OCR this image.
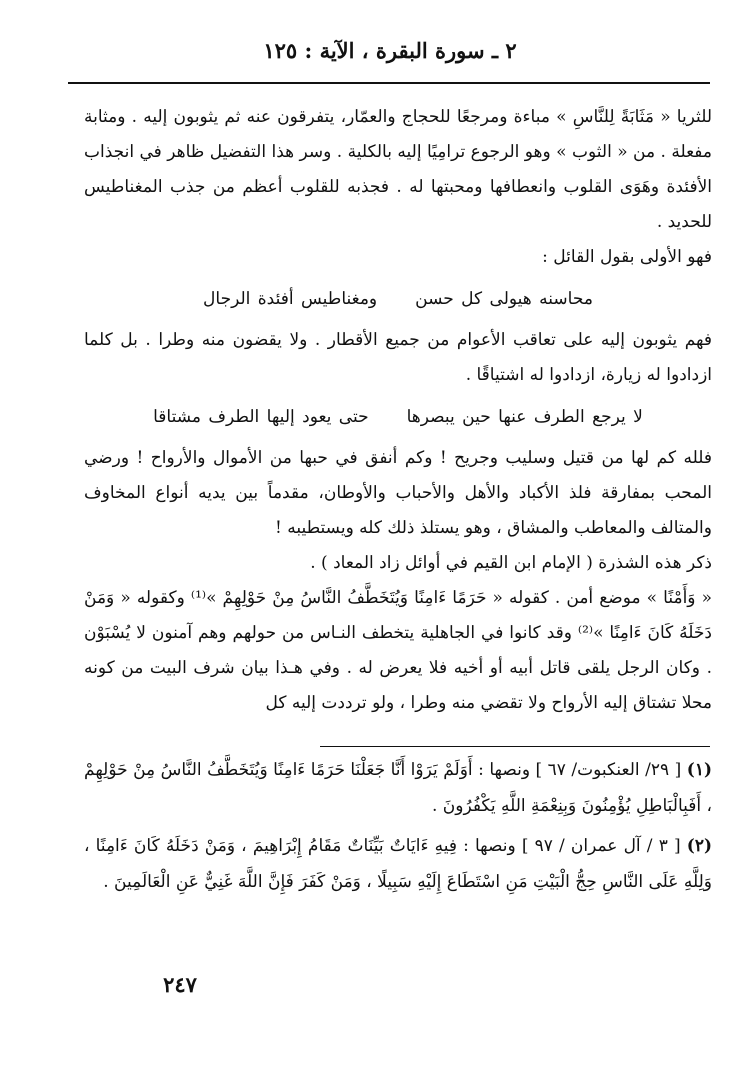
٢ ـ سورة البقرة ، الآية : ١٢٥

للثريا « مَثَابَةً لِلنَّاسِ » مباءة ومرجعًا للحجاج والعمّار، يتفرقون عنه ثم يثوبون إليه . ومثابة مفعلة . من « الثوب » وهو الرجوع ترامِيًا إليه بالكلية . وسر هذا التفضيل ظاهر في انجذاب الأفئدة وهَوَى القلوب وانعطافها ومحبتها له . فجذبه للقلوب أعظم من جذب المغناطيس للحديد .

فهو الأولى بقول القائل :

محاسنه هيولى كل حسنومغناطيس أفئدة الرجال

فهم يثوبون إليه على تعاقب الأعوام من جميع الأقطار . ولا يقضون منه وطرا . بل كلما ازدادوا له زيارة، ازدادوا له اشتياقًا .

لا يرجع الطرف عنها حين يبصرهاحتى يعود إليها الطرف مشتاقا

فلله كم لها من قتيل وسليب وجريح ! وكم أنفق في حبها من الأموال والأرواح ! ورضي المحب بمفارقة فلذ الأكباد والأهل والأحباب والأوطان، مقدماً بين يديه أنواع المخاوف والمتالف والمعاطب والمشاق ، وهو يستلذ ذلك كله ويستطيبه !

ذكر هذه الشذرة ( الإمام ابن القيم في أوائل زاد المعاد ) .

« وَأَمْنًا » موضع أمن . كقوله « حَرَمًا ءَامِنًا وَيُتَخَطَّفُ النَّاسُ مِنْ حَوْلِهِمْ »⁽¹⁾ وكقوله « وَمَنْ دَخَلَهُ كَانَ ءَامِنًا »⁽²⁾ وقد كانوا في الجاهلية يتخطف النـاس من حولهم وهم آمنون لا يُسْبَوْن . وكان الرجل يلقى قاتل أبيه أو أخيه فلا يعرض له . وفي هـذا بيان شرف البيت من كونه محلا تشتاق إليه الأرواح ولا تقضي منه وطرا ، ولو ترددت إليه كل

(١) [ ٢٩/ العنكبوت/ ٦٧ ] ونصها : أَوَلَمْ يَرَوْا أَنَّا جَعَلْنَا حَرَمًا ءَامِنًا وَيُتَخَطَّفُ النَّاسُ مِنْ حَوْلِهِمْ ، أَفَبِالْبَاطِلِ يُؤْمِنُونَ وَبِنِعْمَةِ اللَّهِ يَكْفُرُونَ .

(٢) [ ٣ / آل عمران / ٩٧ ] ونصها : فِيهِ ءَايَاتٌ بَيِّنَاتٌ مَقَامُ إِبْرَاهِيمَ ، وَمَنْ دَخَلَهُ كَانَ ءَامِنًا ، وَلِلَّهِ عَلَى النَّاسِ حِجُّ الْبَيْتِ مَنِ اسْتَطَاعَ إِلَيْهِ سَبِيلًا ، وَمَنْ كَفَرَ فَإِنَّ اللَّهَ غَنِيٌّ عَنِ الْعَالَمِينَ .

٢٤٧
